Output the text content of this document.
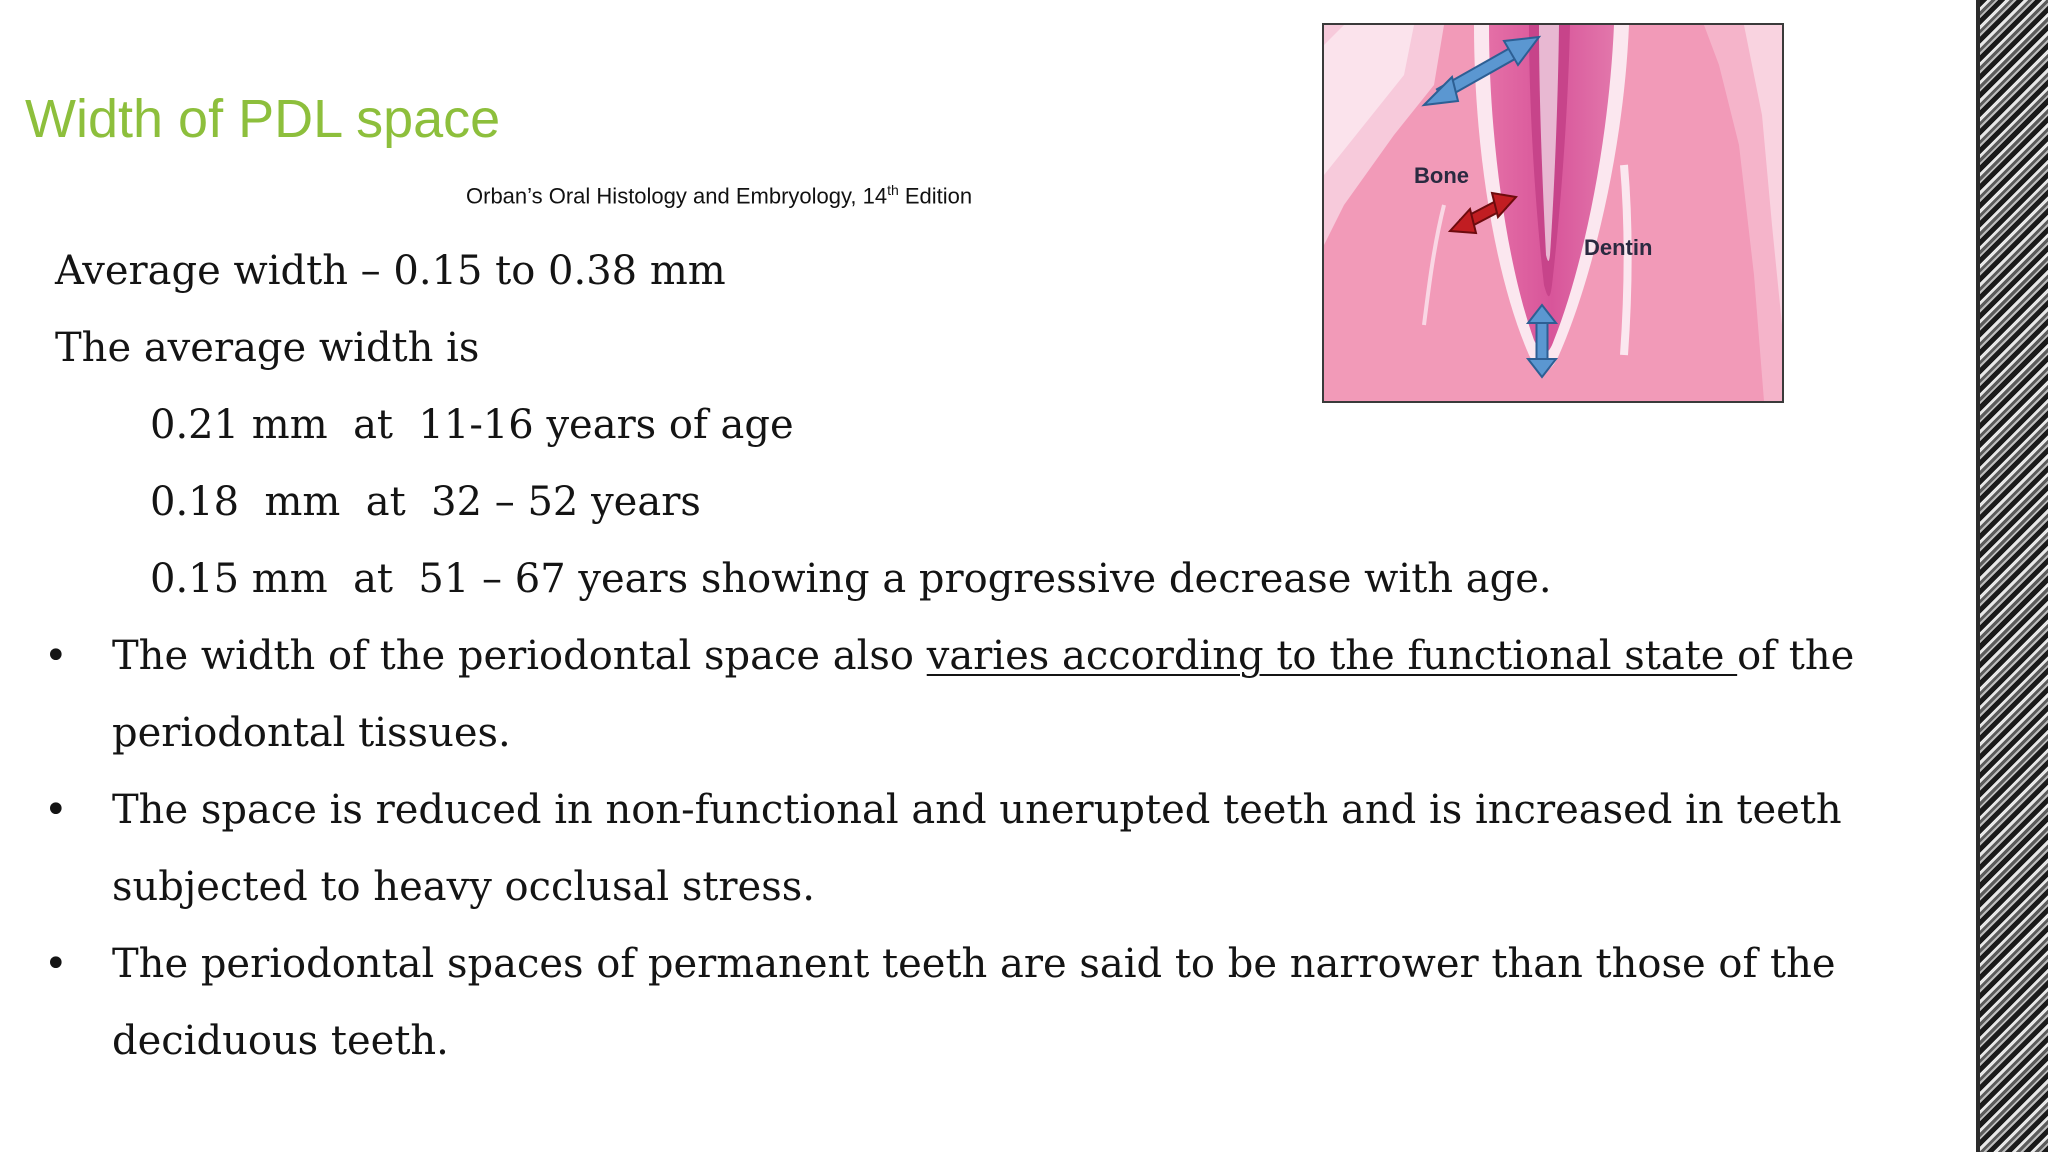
Width of PDL space
Orban’s Oral Histology and Embryology, 14th Edition
Average width – 0.15 to 0.38 mm
The average width is
0.21 mm  at  11-16 years of age
0.18  mm  at  32 – 52 years
0.15 mm  at  51 – 67 years showing a progressive decrease with age.
• The width of the periodontal space also varies according to the functional state of the
periodontal tissues.
• The space is reduced in non-functional and unerupted teeth and is increased in teeth
subjected to heavy occlusal stress.
• The periodontal spaces of permanent teeth are said to be narrower than those of the
deciduous teeth.
Bone
Dentin
